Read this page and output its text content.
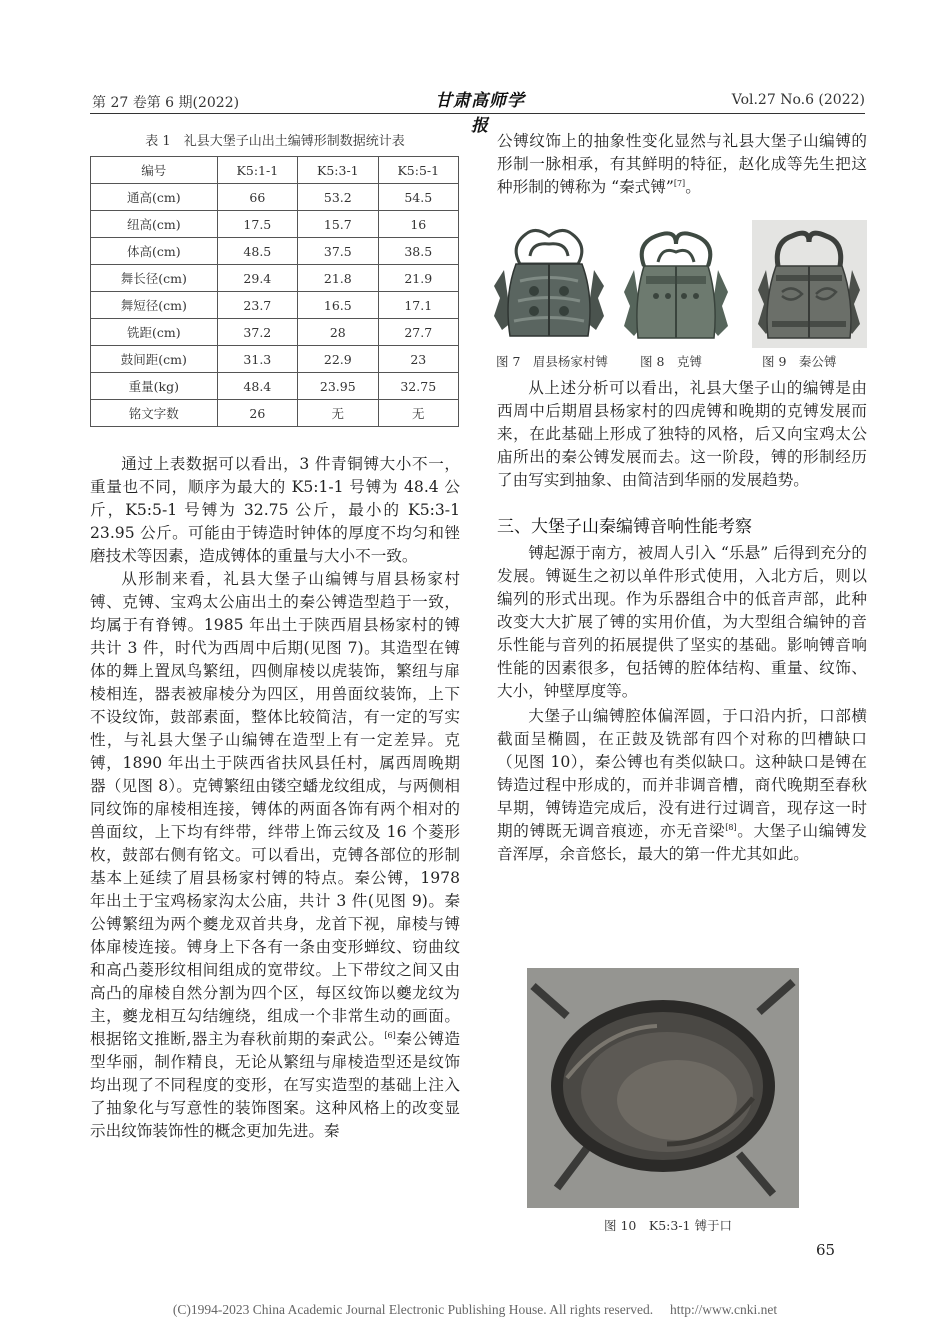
第 27 卷第 6 期(2022)	甘肃高师学报
Vol.27 No.6 (2022)
表 1　礼县大堡子山出土编镈形制数据统计表
编号	K5:1-1	K5:3-1	K5:5-1
通高(cm)	66	53.2	54.5
纽高(cm)	17.5	15.7	16
体高(cm)	48.5	37.5	38.5
舞长径(cm)	29.4	21.8	21.9
舞短径(cm)	23.7	16.5	17.1
铣距(cm)	37.2	28	27.7
鼓间距(cm)	31.3	22.9	23
重量(kg)	48.4	23.95	32.75
铭文字数	26	无	无

通过上表数据可以看出，3 件青铜镈大小不一，重量也不同，顺序为最大的 K5:1-1 号镈为 48.4 公斤，K5:5-1 号镈为 32.75 公斤，最小的 K5:3-1 23.95 公斤。可能由于铸造时钟体的厚度不均匀和锉磨技术等因素，造成镈体的重量与大小不一致。

从形制来看，礼县大堡子山编镈与眉县杨家村镈、克镈、宝鸡太公庙出土的秦公镈造型趋于一致，均属于有脊镈。1985 年出土于陕西眉县杨家村的镈共计 3 件，时代为西周中后期(见图 7)。其造型在镈体的舞上置凤鸟繁纽，四侧扉棱以虎装饰，繁纽与扉棱相连，器表被扉棱分为四区，用兽面纹装饰，上下不设纹饰，鼓部素面，整体比较简洁，有一定的写实性，与礼县大堡子山编镈在造型上有一定差异。克镈，1890 年出土于陕西省扶风县任村，属西周晚期器（见图 8）。克镈繁纽由镂空蟠龙纹组成，与两侧相同纹饰的扉棱相连接，镈体的两面各饰有两个相对的兽面纹，上下均有绊带，绊带上饰云纹及 16 个菱形枚，鼓部右侧有铭文。可以看出，克镈各部位的形制基本上延续了眉县杨家村镈的特点。秦公镈，1978 年出土于宝鸡杨家沟太公庙，共计 3 件(见图 9)。秦公镈繁纽为两个夔龙双首共身，龙首下视，扉棱与镈体扉棱连接。镈身上下各有一条由变形蝉纹、窃曲纹和高凸菱形纹相间组成的宽带纹。上下带纹之间又由高凸的扉棱自然分割为四个区，每区纹饰以夔龙纹为主，夔龙相互勾结缠绕，组成一个非常生动的画面。根据铭文推断,器主为春秋前期的秦武公。[6]秦公镈造型华丽，制作精良，无论从繁纽与扉棱造型还是纹饰均出现了不同程度的变形，在写实造型的基础上注入了抽象化与写意性的装饰图案。这种风格上的改变显示出纹饰装饰性的概念更加先进。秦

公镈纹饰上的抽象性变化显然与礼县大堡子山编镈的形制一脉相承，有其鲜明的特征，赵化成等先生把这种形制的镈称为 “秦式镈”[7]。

图 7　眉县杨家村镈	图 8　克镈	图 9　秦公镈

从上述分析可以看出，礼县大堡子山的编镈是由西周中后期眉县杨家村的四虎镈和晚期的克镈发展而来，在此基础上形成了独特的风格，后又向宝鸡太公庙所出的秦公镈发展而去。这一阶段，镈的形制经历了由写实到抽象、由简洁到华丽的发展趋势。

三、大堡子山秦编镈音响性能考察

镈起源于南方，被周人引入 “乐悬” 后得到充分的发展。镈诞生之初以单件形式使用，入北方后，则以编列的形式出现。作为乐器组合中的低音声部，此种改变大大扩展了镈的实用价值，为大型组合编钟的音乐性能与音列的拓展提供了坚实的基础。影响镈音响性能的因素很多，包括镈的腔体结构、重量、纹饰、大小，钟壁厚度等。

大堡子山编镈腔体偏浑圆，于口沿内折，口部横截面呈椭圆，在正鼓及铣部有四个对称的凹槽缺口（见图 10），秦公镈也有类似缺口。这种缺口是镈在铸造过程中形成的，而并非调音槽，商代晚期至春秋早期，镈铸造完成后，没有进行过调音，现存这一时期的镈既无调音痕迹，亦无音梁[8]。大堡子山编镈发音浑厚，余音悠长，最大的第一件尤其如此。

图 10　K5:3-1 镈于口
65
(C)1994-2023 China Academic Journal Electronic Publishing House. All rights reserved.　 http://www.cnki.net
